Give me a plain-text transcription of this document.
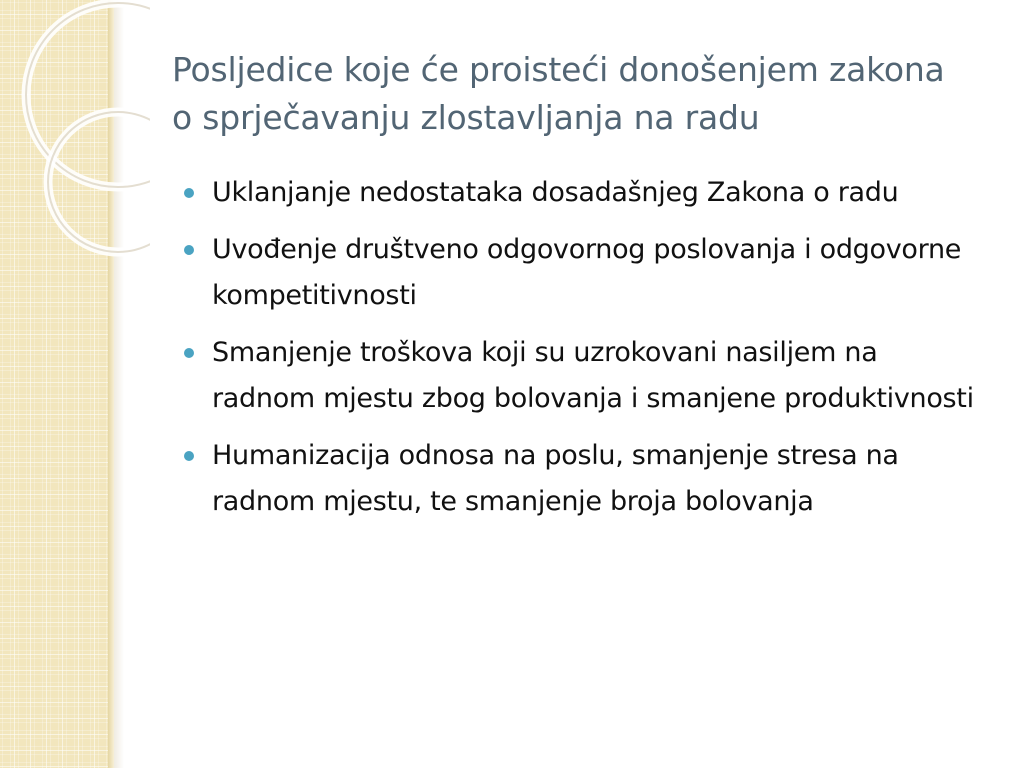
Posljedice koje će proisteći donošenjem zakona o sprječavanju zlostavljanja na radu
Uklanjanje nedostataka dosadašnjeg Zakona o radu
Uvođenje društveno odgovornog poslovanja i odgovorne kompetitivnosti
Smanjenje troškova koji su uzrokovani nasiljem na radnom mjestu zbog bolovanja i smanjene produktivnosti
Humanizacija odnosa na poslu, smanjenje stresa na radnom mjestu, te smanjenje broja bolovanja
